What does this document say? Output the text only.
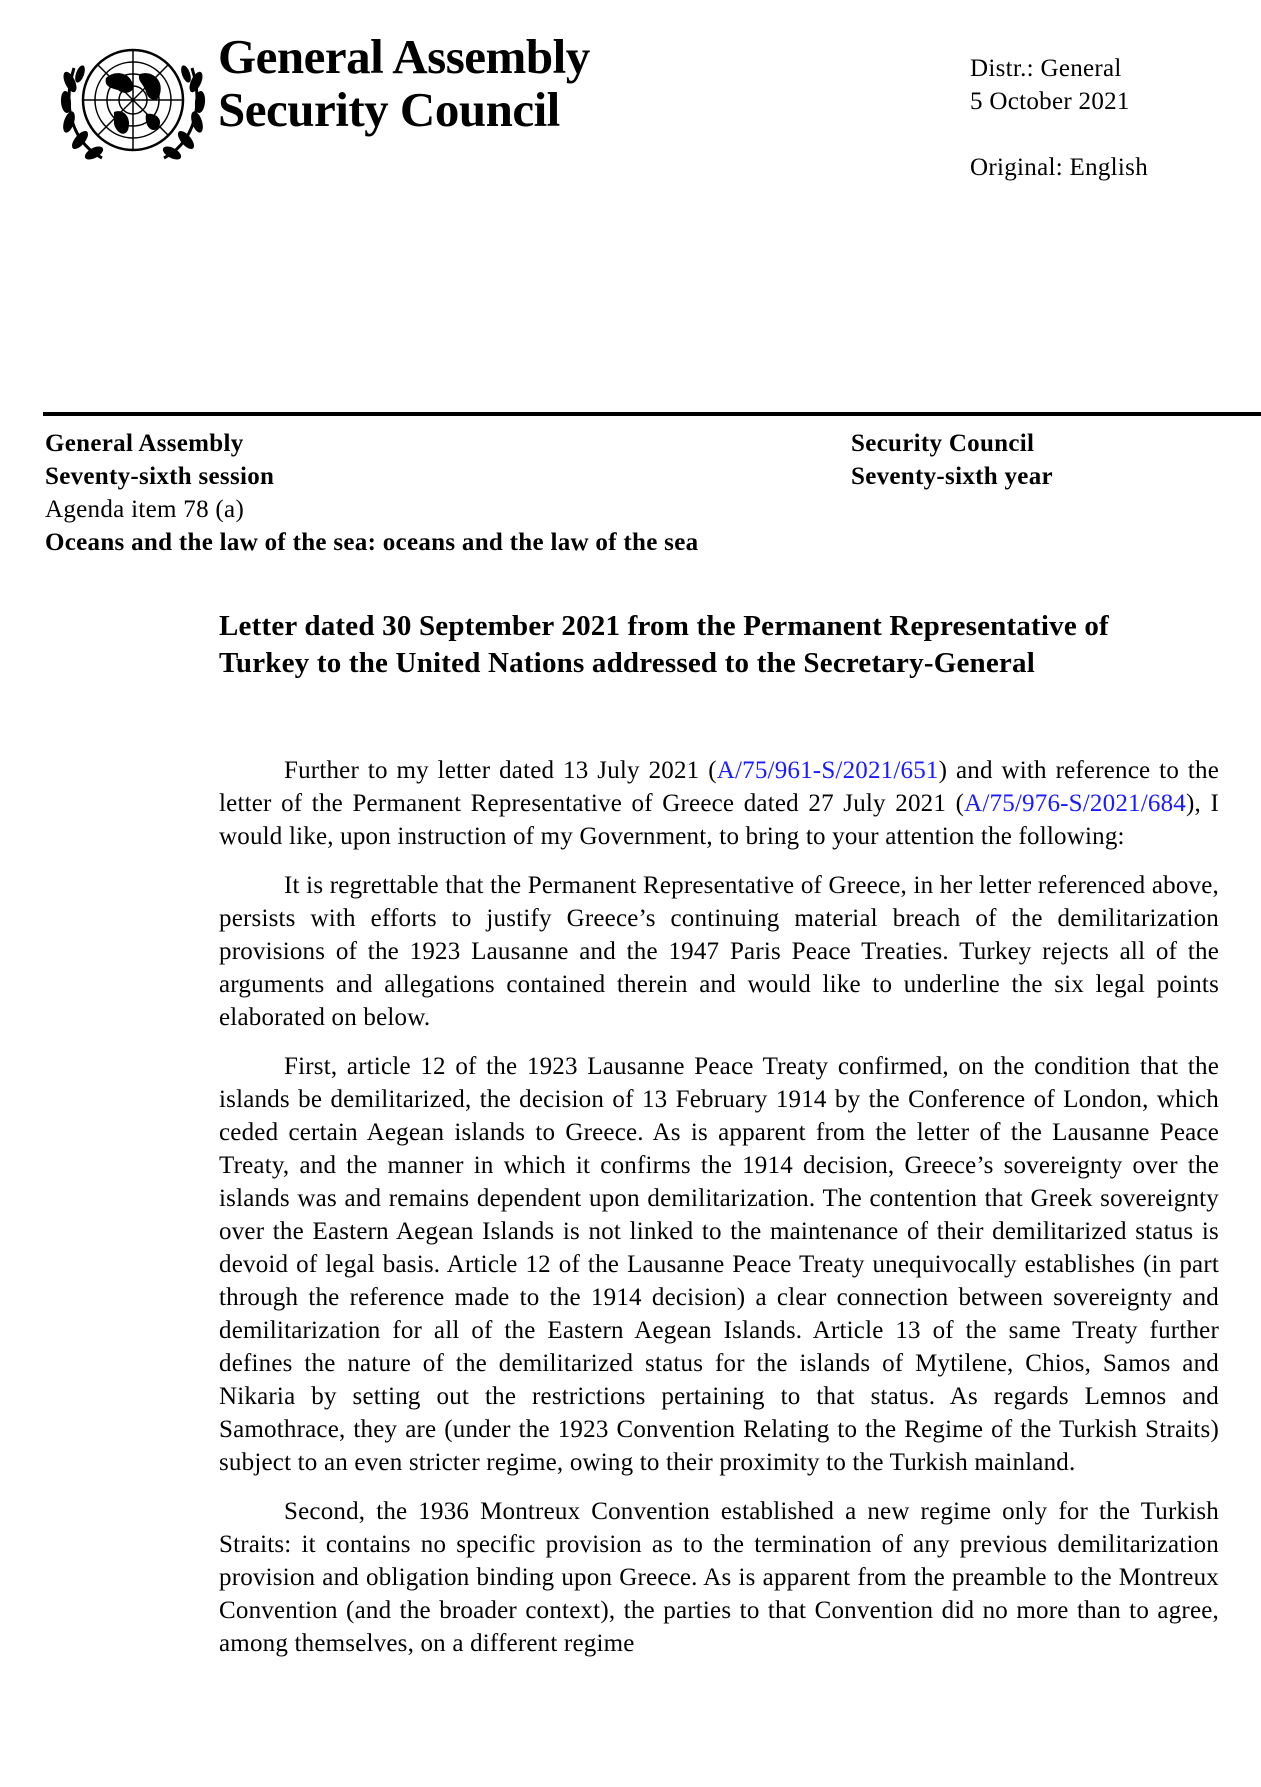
General Assembly
Security Council
Distr.: General
5 October 2021
Original: English
General Assembly
Seventy-sixth session
Agenda item 78 (a)
Oceans and the law of the sea: oceans and the law of the sea
Security Council
Seventy-sixth year
Letter dated 30 September 2021 from the Permanent Representative of Turkey to the United Nations addressed to the Secretary-General

Further to my letter dated 13 July 2021 (A/75/961-S/2021/651) and with reference to the letter of the Permanent Representative of Greece dated 27 July 2021 (A/75/976-S/2021/684), I would like, upon instruction of my Government, to bring to your attention the following:

It is regrettable that the Permanent Representative of Greece, in her letter referenced above, persists with efforts to justify Greece’s continuing material breach of the demilitarization provisions of the 1923 Lausanne and the 1947 Paris Peace Treaties. Turkey rejects all of the arguments and allegations contained therein and would like to underline the six legal points elaborated on below.

First, article 12 of the 1923 Lausanne Peace Treaty confirmed, on the condition that the islands be demilitarized, the decision of 13 February 1914 by the Conference of London, which ceded certain Aegean islands to Greece. As is apparent from the letter of the Lausanne Peace Treaty, and the manner in which it confirms the 1914 decision, Greece’s sovereignty over the islands was and remains dependent upon demilitarization. The contention that Greek sovereignty over the Eastern Aegean Islands is not linked to the maintenance of their demilitarized status is devoid of legal basis. Article 12 of the Lausanne Peace Treaty unequivocally establishes (in part through the reference made to the 1914 decision) a clear connection between sovereignty and demilitarization for all of the Eastern Aegean Islands. Article 13 of the same Treaty further defines the nature of the demilitarized status for the islands of Mytilene, Chios, Samos and Nikaria by setting out the restrictions pertaining to that status. As regards Lemnos and Samothrace, they are (under the 1923 Convention Relating to the Regime of the Turkish Straits) subject to an even stricter regime, owing to their proximity to the Turkish mainland.

Second, the 1936 Montreux Convention established a new regime only for the Turkish Straits: it contains no specific provision as to the termination of any previous demilitarization provision and obligation binding upon Greece. As is apparent from the preamble to the Montreux Convention (and the broader context), the parties to that Convention did no more than to agree, among themselves, on a different regime
